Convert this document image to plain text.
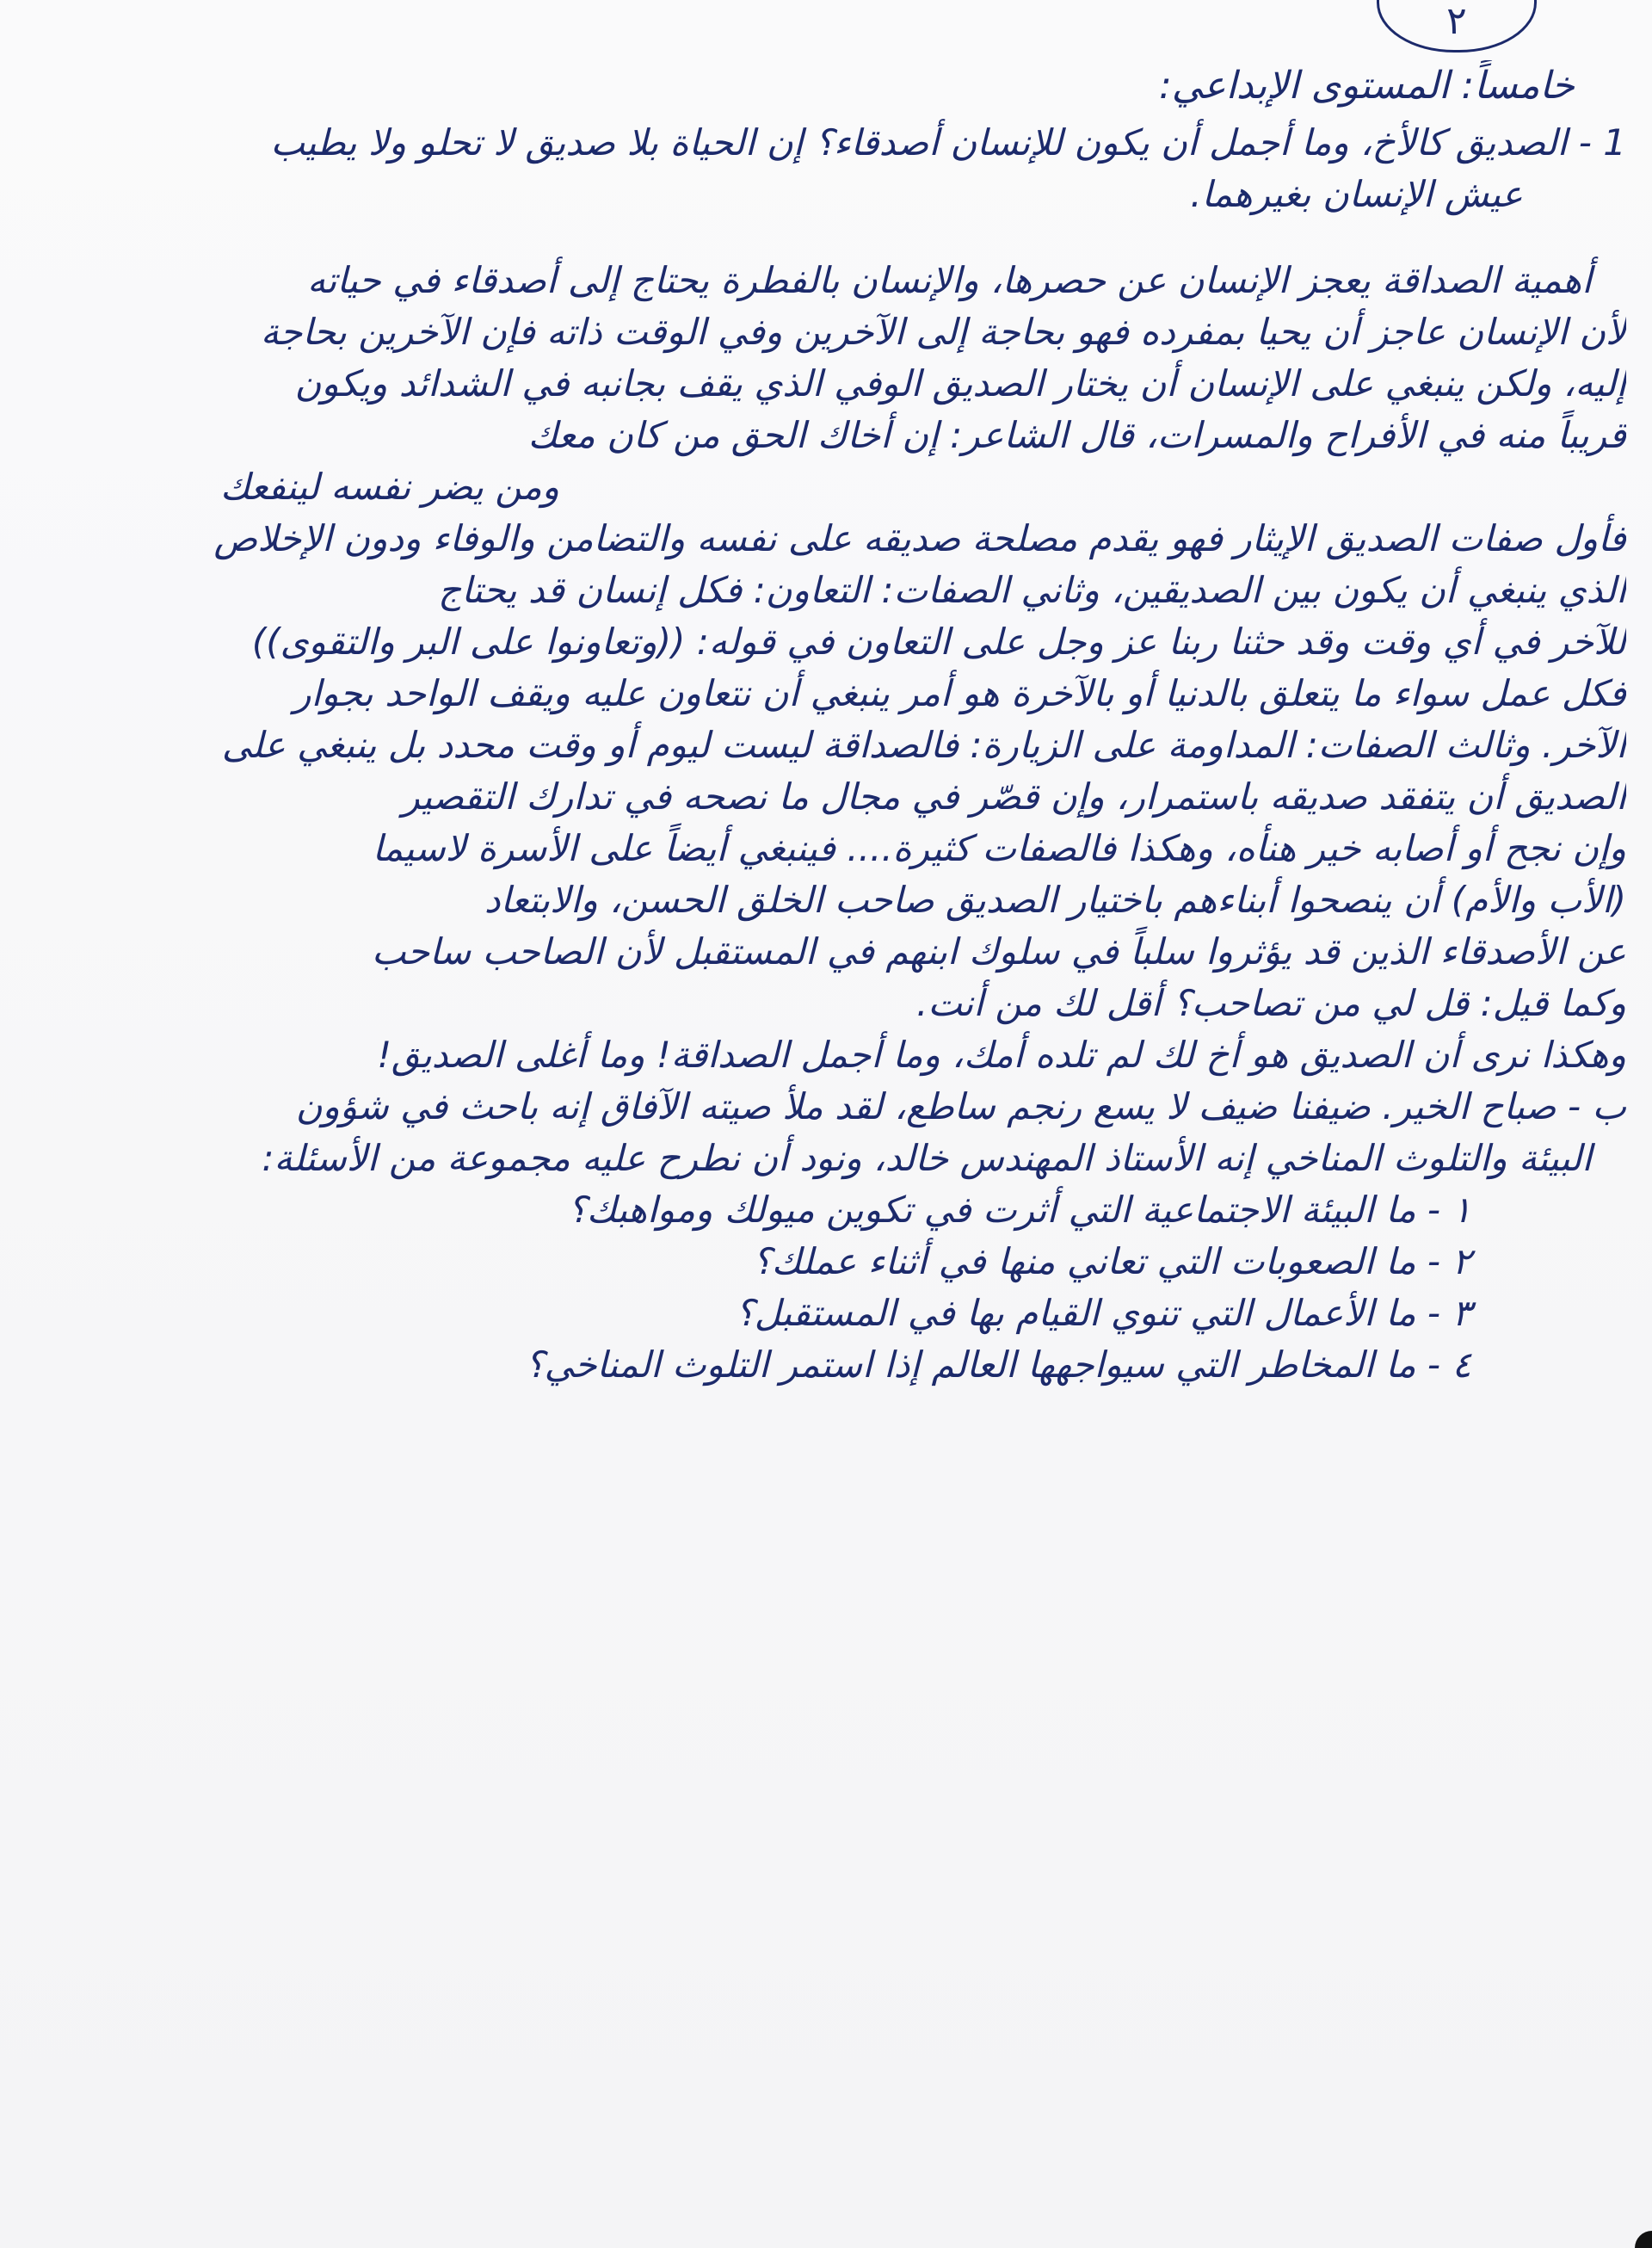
٢
خامساً: المستوى الإبداعي:
1 - الصديق كالأخ، وما أجمل أن يكون للإنسان أصدقاء؟ إن الحياة بلا صديق لا تحلو ولا يطيب
عيش الإنسان بغيرهما.
أهمية الصداقة يعجز الإنسان عن حصرها، والإنسان بالفطرة يحتاج إلى أصدقاء في حياته
لأن الإنسان عاجز أن يحيا بمفرده فهو بحاجة إلى الآخرين وفي الوقت ذاته فإن الآخرين بحاجة
إليه، ولكن ينبغي على الإنسان أن يختار الصديق الوفي الذي يقف بجانبه في الشدائد ويكون
قريباً منه في الأفراح والمسرات، قال الشاعر: إن أخاك الحق من كان معك
ومن يضر نفسه لينفعك
فأول صفات الصديق الإيثار فهو يقدم مصلحة صديقه على نفسه والتضامن والوفاء ودون الإخلاص
الذي ينبغي أن يكون بين الصديقين، وثاني الصفات: التعاون: فكل إنسان قد يحتاج
للآخر في أي وقت وقد حثنا ربنا عز وجل على التعاون في قوله: ((وتعاونوا على البر والتقوى))
فكل عمل سواء ما يتعلق بالدنيا أو بالآخرة هو أمر ينبغي أن نتعاون عليه ويقف الواحد بجوار
الآخر. وثالث الصفات: المداومة على الزيارة: فالصداقة ليست ليوم أو وقت محدد بل ينبغي على
الصديق أن يتفقد صديقه باستمرار، وإن قصّر في مجال ما نصحه في تدارك التقصير
وإن نجح أو أصابه خير هنأه، وهكذا فالصفات كثيرة.... فينبغي أيضاً على الأسرة لاسيما
(الأب والأم) أن ينصحوا أبناءهم باختيار الصديق صاحب الخلق الحسن، والابتعاد
عن الأصدقاء الذين قد يؤثروا سلباً في سلوك ابنهم في المستقبل لأن الصاحب ساحب
وكما قيل: قل لي من تصاحب؟ أقل لك من أنت.
وهكذا نرى أن الصديق هو أخ لك لم تلده أمك، وما أجمل الصداقة! وما أغلى الصديق!
ب - صباح الخير. ضيفنا ضيف لا يسع رنجم ساطع، لقد ملأ صيته الآفاق إنه باحث في شؤون
البيئة والتلوث المناخي إنه الأستاذ المهندس خالد، ونود أن نطرح عليه مجموعة من الأسئلة:
١ - ما البيئة الاجتماعية التي أثرت في تكوين ميولك ومواهبك؟
٢ - ما الصعوبات التي تعاني منها في أثناء عملك؟
٣ - ما الأعمال التي تنوي القيام بها في المستقبل؟
٤ - ما المخاطر التي سيواجهها العالم إذا استمر التلوث المناخي؟
